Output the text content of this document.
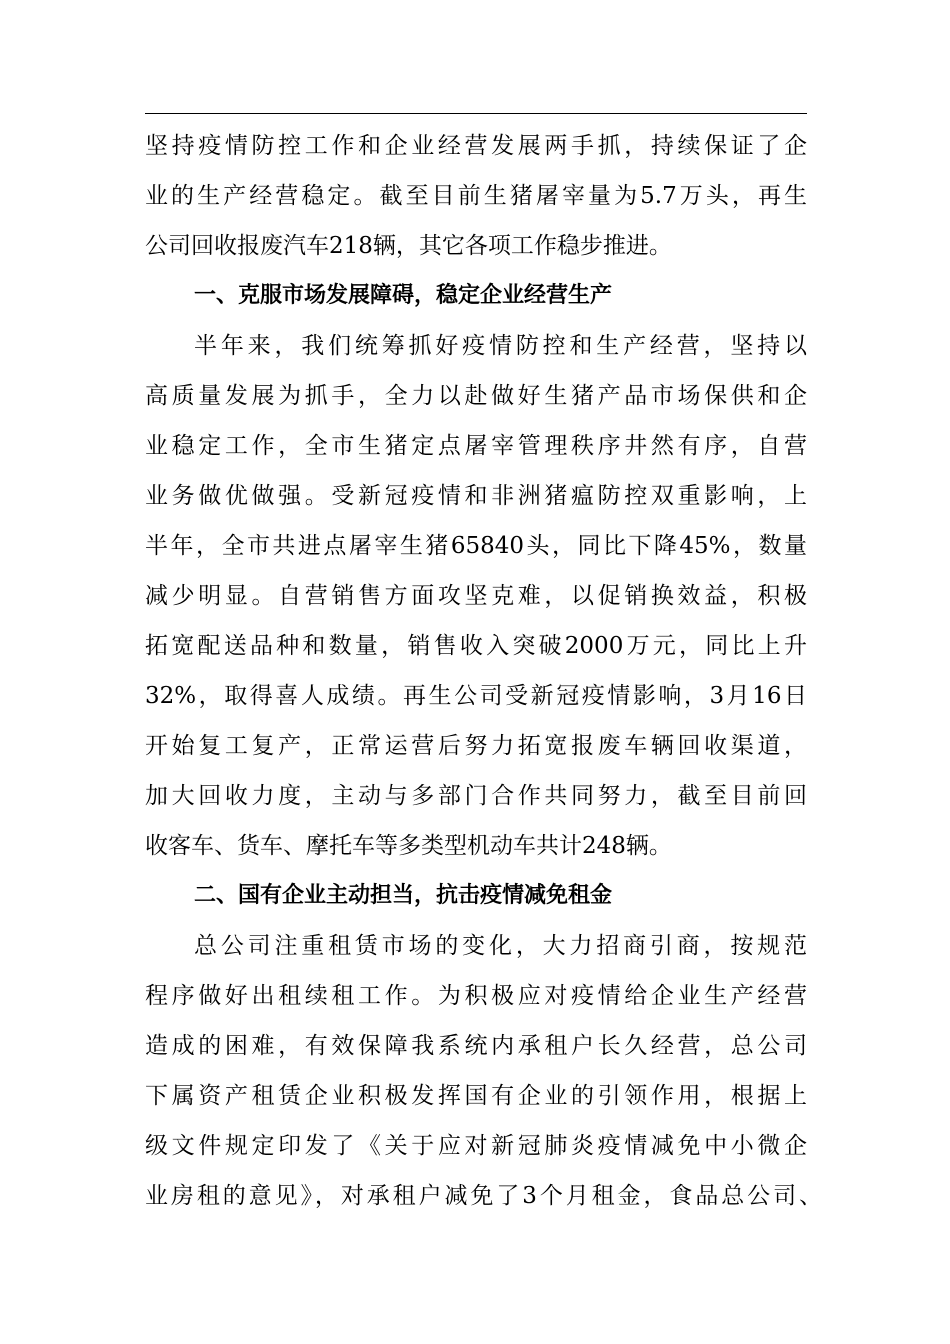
坚持疫情防控工作和企业经营发展两手抓，持续保证了企
业的生产经营稳定。截至目前生猪屠宰量为5.7万头，再生
公司回收报废汽车218辆，其它各项工作稳步推进。
一、克服市场发展障碍，稳定企业经营生产
半年来，我们统筹抓好疫情防控和生产经营，坚持以
高质量发展为抓手，全力以赴做好生猪产品市场保供和企
业稳定工作，全市生猪定点屠宰管理秩序井然有序，自营
业务做优做强。受新冠疫情和非洲猪瘟防控双重影响，上
半年，全市共进点屠宰生猪65840头，同比下降45%，数量
减少明显。自营销售方面攻坚克难，以促销换效益，积极
拓宽配送品种和数量，销售收入突破2000万元，同比上升
32%，取得喜人成绩。再生公司受新冠疫情影响，3月16日
开始复工复产，正常运营后努力拓宽报废车辆回收渠道，
加大回收力度，主动与多部门合作共同努力，截至目前回
收客车、货车、摩托车等多类型机动车共计248辆。
二、国有企业主动担当，抗击疫情减免租金
总公司注重租赁市场的变化，大力招商引商，按规范
程序做好出租续租工作。为积极应对疫情给企业生产经营
造成的困难，有效保障我系统内承租户长久经营，总公司
下属资产租赁企业积极发挥国有企业的引领作用，根据上
级文件规定印发了《关于应对新冠肺炎疫情减免中小微企
业房租的意见》，对承租户减免了3个月租金，食品总公司、
